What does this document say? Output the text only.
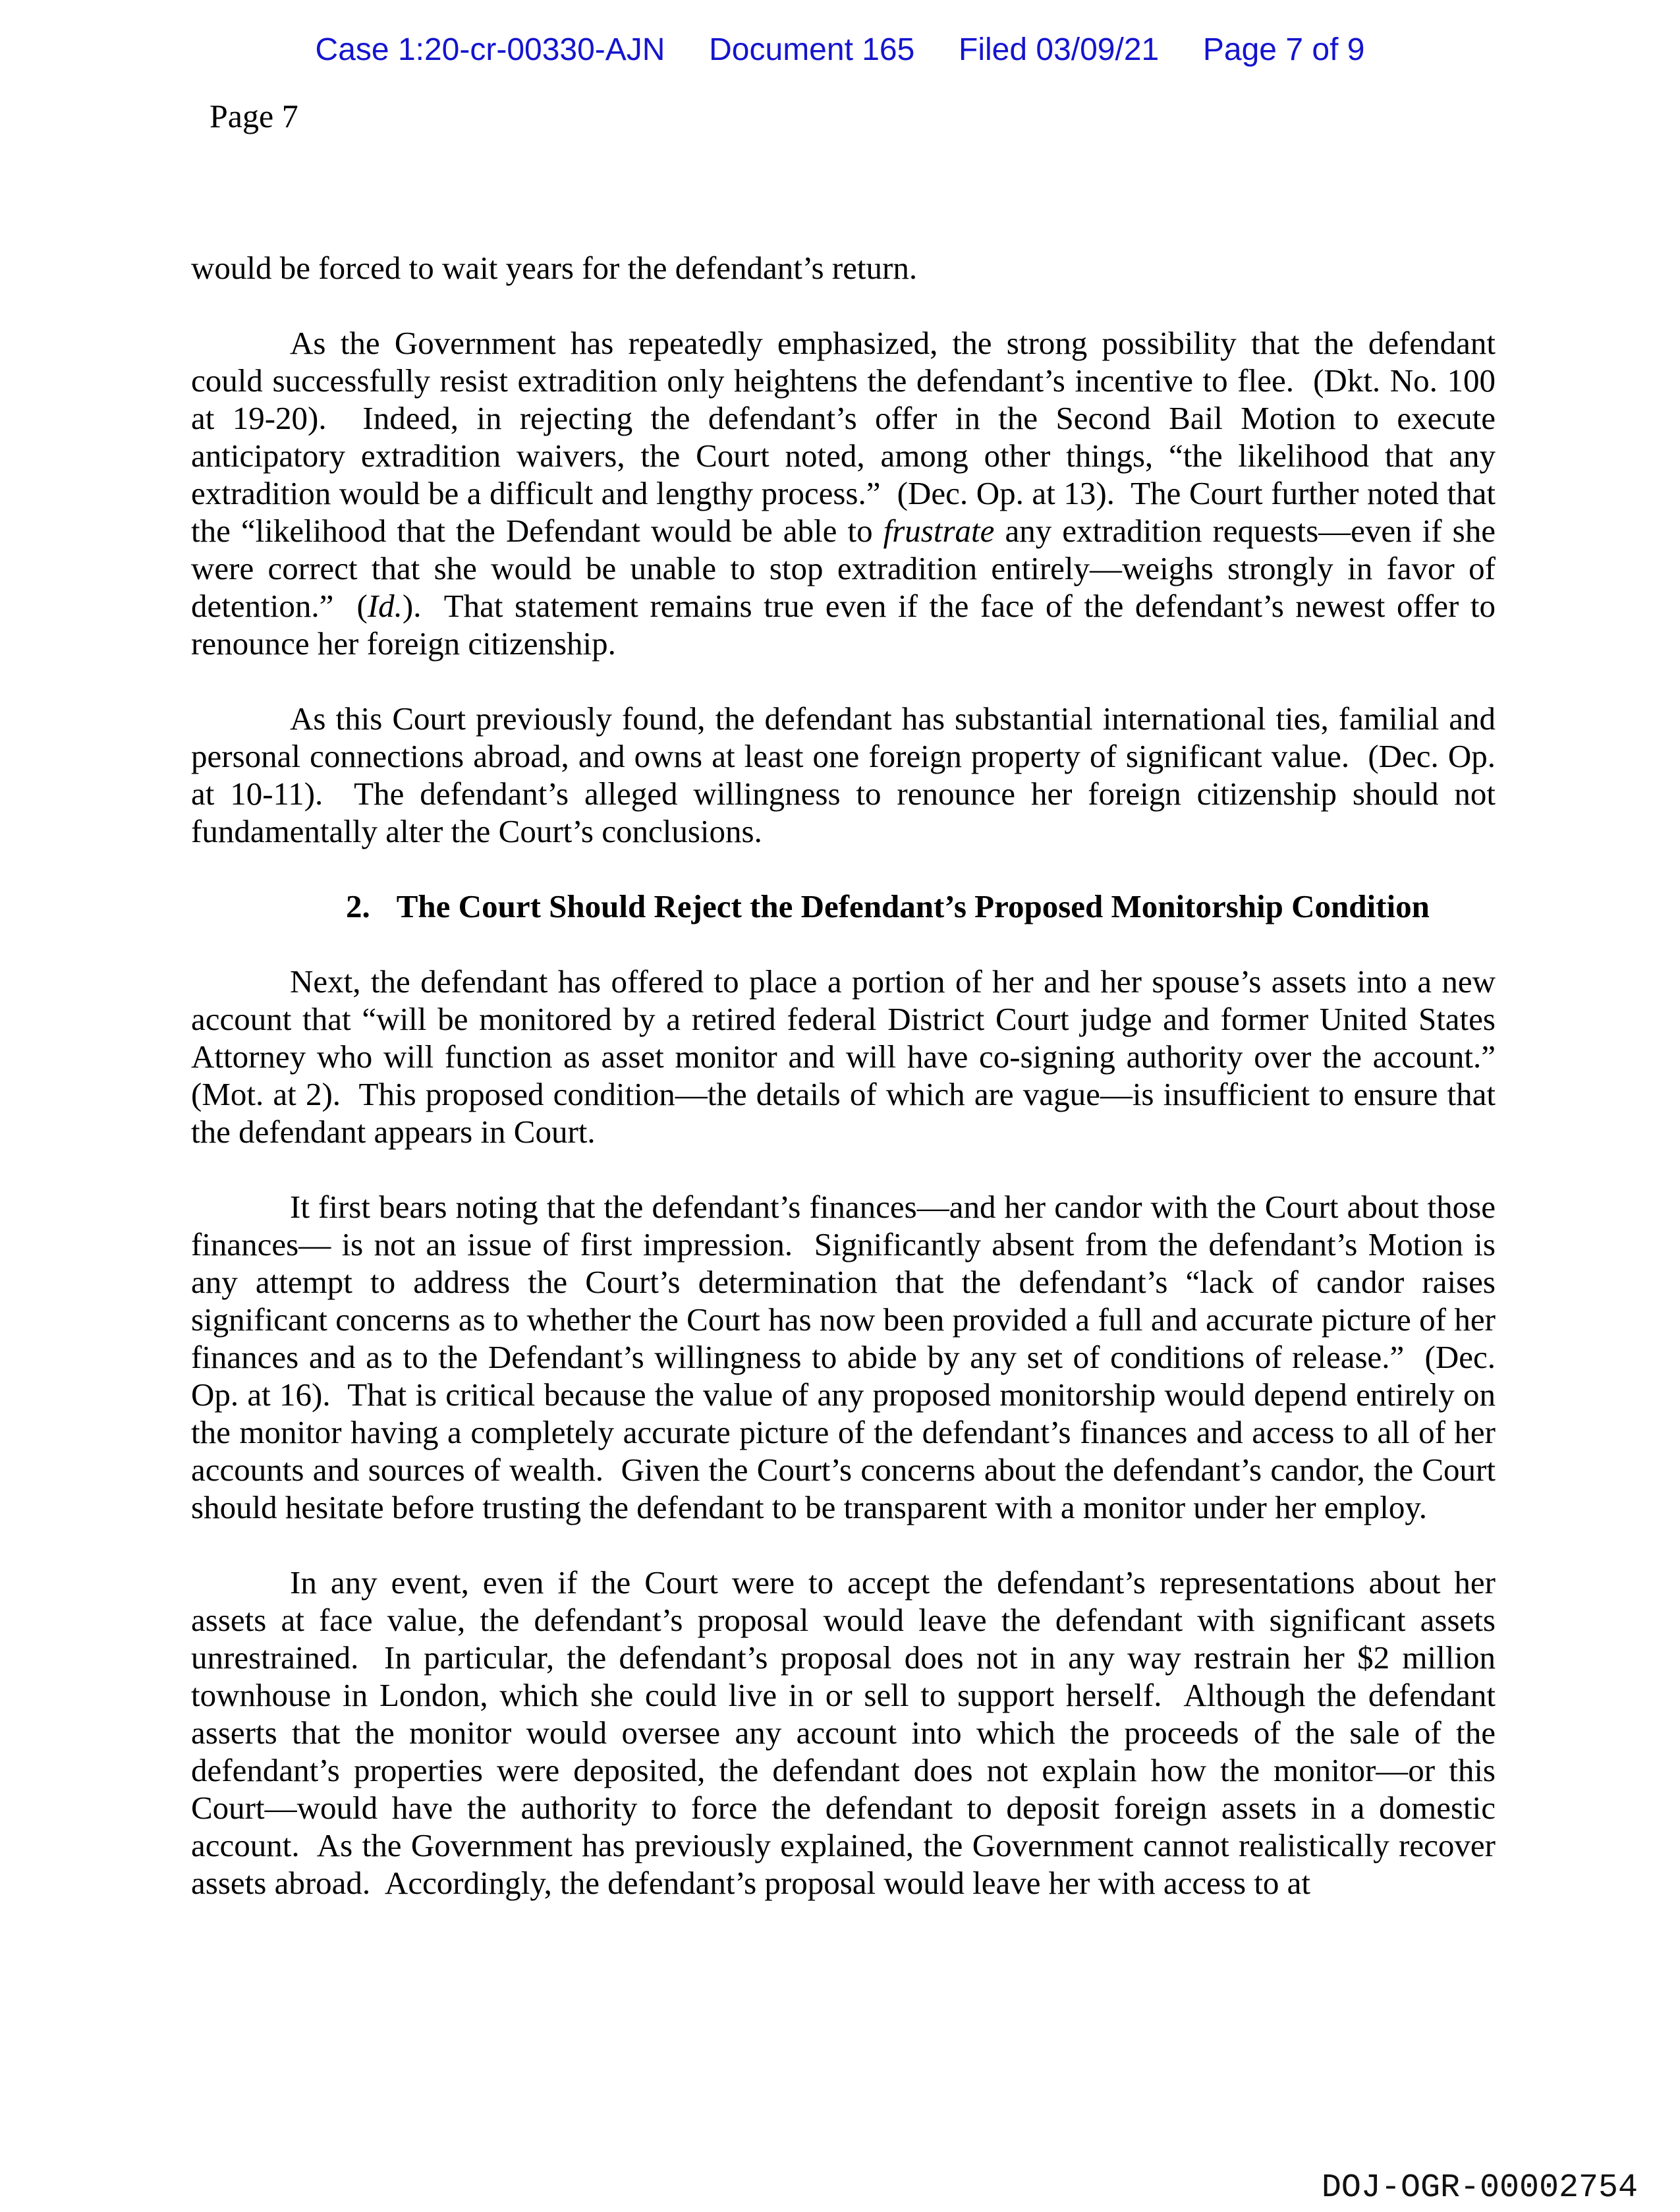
Case 1:20-cr-00330-AJN     Document 165     Filed 03/09/21     Page 7 of 9
Page 7

would be forced to wait years for the defendant’s return.

As the Government has repeatedly emphasized, the strong possibility that the defendant could successfully resist extradition only heightens the defendant’s incentive to flee.  (Dkt. No. 100 at 19-20).  Indeed, in rejecting the defendant’s offer in the Second Bail Motion to execute anticipatory extradition waivers, the Court noted, among other things, “the likelihood that any extradition would be a difficult and lengthy process.”  (Dec. Op. at 13).  The Court further noted that the “likelihood that the Defendant would be able to frustrate any extradition requests—even if she were correct that she would be unable to stop extradition entirely—weighs strongly in favor of detention.”  (Id.).  That statement remains true even if the face of the defendant’s newest offer to renounce her foreign citizenship.

As this Court previously found, the defendant has substantial international ties, familial and personal connections abroad, and owns at least one foreign property of significant value.  (Dec. Op. at 10-11).  The defendant’s alleged willingness to renounce her foreign citizenship should not fundamentally alter the Court’s conclusions.

2. The Court Should Reject the Defendant’s Proposed Monitorship Condition

Next, the defendant has offered to place a portion of her and her spouse’s assets into a new account that “will be monitored by a retired federal District Court judge and former United States Attorney who will function as asset monitor and will have co-signing authority over the account.”  (Mot. at 2).  This proposed condition—the details of which are vague—is insufficient to ensure that the defendant appears in Court.

It first bears noting that the defendant’s finances—and her candor with the Court about those finances— is not an issue of first impression.  Significantly absent from the defendant’s Motion is any attempt to address the Court’s determination that the defendant’s “lack of candor raises significant concerns as to whether the Court has now been provided a full and accurate picture of her finances and as to the Defendant’s willingness to abide by any set of conditions of release.”  (Dec. Op. at 16).  That is critical because the value of any proposed monitorship would depend entirely on the monitor having a completely accurate picture of the defendant’s finances and access to all of her accounts and sources of wealth.  Given the Court’s concerns about the defendant’s candor, the Court should hesitate before trusting the defendant to be transparent with a monitor under her employ.

In any event, even if the Court were to accept the defendant’s representations about her assets at face value, the defendant’s proposal would leave the defendant with significant assets unrestrained.  In particular, the defendant’s proposal does not in any way restrain her $2 million townhouse in London, which she could live in or sell to support herself.  Although the defendant asserts that the monitor would oversee any account into which the proceeds of the sale of the defendant’s properties were deposited, the defendant does not explain how the monitor—or this Court—would have the authority to force the defendant to deposit foreign assets in a domestic account.  As the Government has previously explained, the Government cannot realistically recover assets abroad.  Accordingly, the defendant’s proposal would leave her with access to at

DOJ-OGR-00002754
